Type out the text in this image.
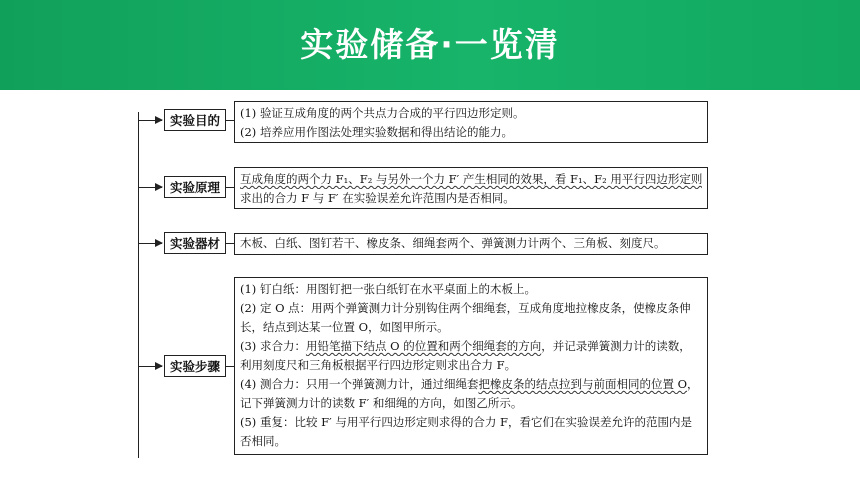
实验储备·一览清
实验目的	(1) 验证互成角度的两个共点力合成的平行四边形定则。
(2) 培养应用作图法处理实验数据和得出结论的能力。
实验原理
互成角度的两个力 F₁、F₂ 与另外一个力 F′ 产生相同的效果，看 F₁、F₂ 用平行四边形定则
求出的合力 F 与 F′ 在实验误差允许范围内是否相同。
实验器材	木板、白纸、图钉若干、橡皮条、细绳套两个、弹簧测力计两个、三角板、刻度尺。
实验步骤
(1) 钉白纸：用图钉把一张白纸钉在水平桌面上的木板上。
(2) 定 O 点：用两个弹簧测力计分别钩住两个细绳套，互成角度地拉橡皮条，使橡皮条伸
长，结点到达某一位置 O，如图甲所示。
(3) 求合力：用铅笔描下结点 O 的位置和两个细绳套的方向，并记录弹簧测力计的读数，
利用刻度尺和三角板根据平行四边形定则求出合力 F。
(4) 测合力：只用一个弹簧测力计，通过细绳套把橡皮条的结点拉到与前面相同的位置 O，
记下弹簧测力计的读数 F′ 和细绳的方向，如图乙所示。
(5) 重复：比较 F′ 与用平行四边形定则求得的合力 F，看它们在实验误差允许的范围内是
否相同。
